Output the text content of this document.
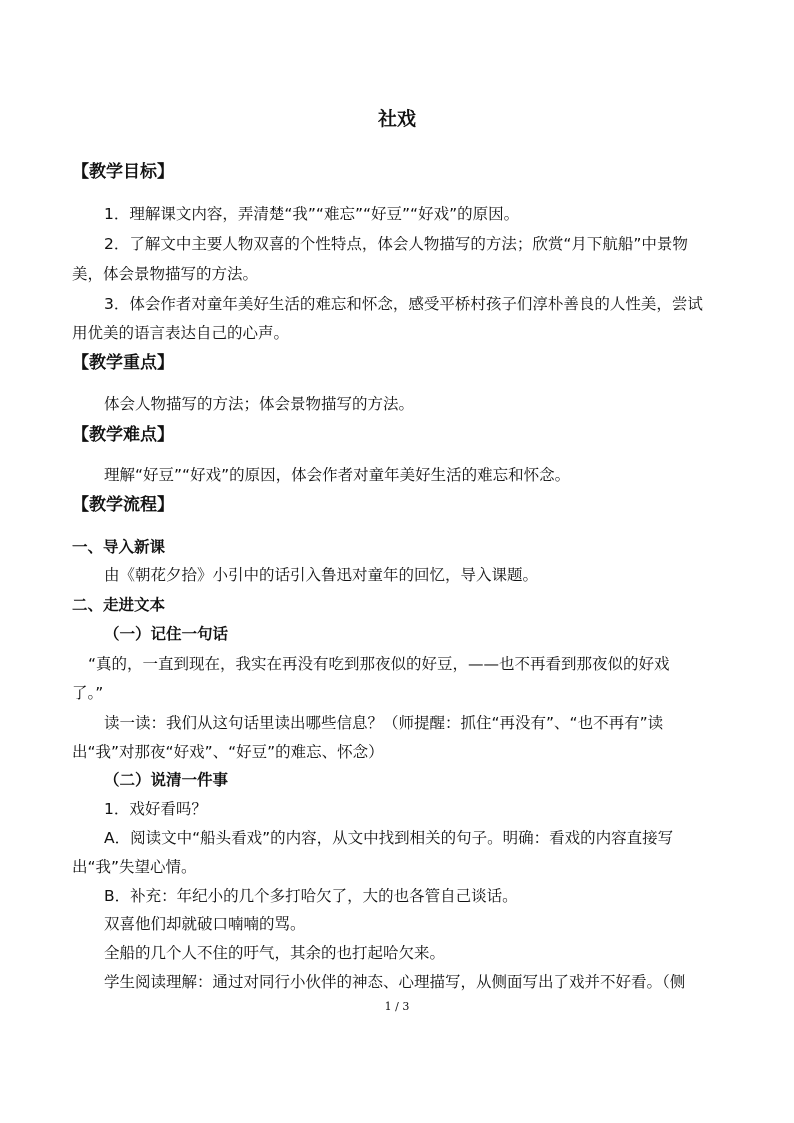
社戏
【教学目标】
1．理解课文内容，弄清楚“我”“难忘”“好豆”“好戏”的原因。
2．了解文中主要人物双喜的个性特点，体会人物描写的方法；欣赏“月下航船”中景物
美，体会景物描写的方法。
3．体会作者对童年美好生活的难忘和怀念，感受平桥村孩子们淳朴善良的人性美，尝试
用优美的语言表达自己的心声。
【教学重点】
体会人物描写的方法；体会景物描写的方法。
【教学难点】
理解“好豆”“好戏”的原因，体会作者对童年美好生活的难忘和怀念。
【教学流程】
一、导入新课
由《朝花夕拾》小引中的话引入鲁迅对童年的回忆，导入课题。
二、走进文本
（一）记住一句话
“真的，一直到现在，我实在再没有吃到那夜似的好豆，——也不再看到那夜似的好戏
了。”
读一读：我们从这句话里读出哪些信息？（师提醒：抓住“再没有”、“也不再有”读
出“我”对那夜“好戏”、“好豆”的难忘、怀念）
（二）说清一件事
1．戏好看吗？
A．阅读文中“船头看戏”的内容，从文中找到相关的句子。明确：看戏的内容直接写
出“我”失望心情。
B．补充：年纪小的几个多打哈欠了，大的也各管自己谈话。
双喜他们却就破口喃喃的骂。
全船的几个人不住的吁气，其余的也打起哈欠来。
学生阅读理解：通过对同行小伙伴的神态、心理描写，从侧面写出了戏并不好看。（侧
1 / 3
